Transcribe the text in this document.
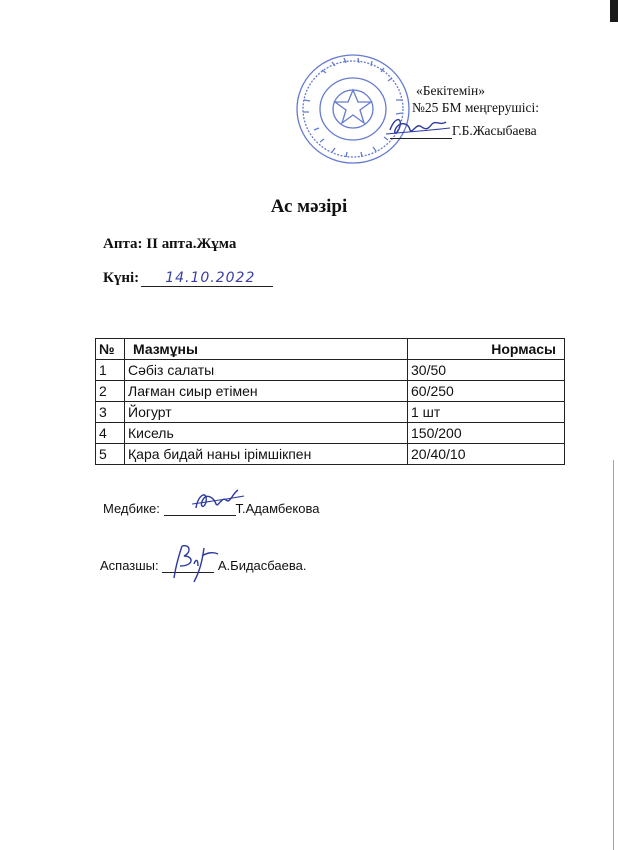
«Бекітемін»
№25 БМ меңгерушісі:
Г.Б.Жасыбаева
Ас мәзірі
Апта: ІІ апта.Жұма
Күні: 14.10.2022
№	Мазмұны	Нормасы
1	Сәбіз салаты	30/50
2	Лағман сиыр етімен	60/250
3	Йогурт	1 шт
4	Кисель	150/200
5	Қара бидай наны ірімшікпен	20/40/10
Медбике:	Т.Адамбекова
Аспазшы:	А.Бидасбаева.
